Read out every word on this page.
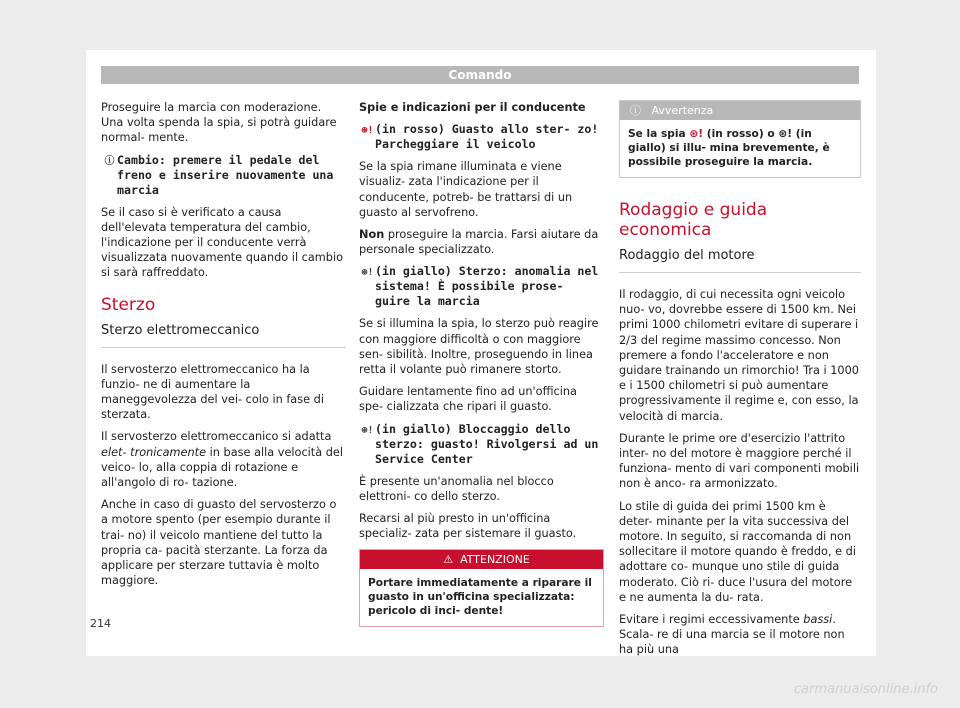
Comando

Proseguire la marcia con moderazione. Una volta spenda la spia, si potrà guidare normal- mente.

ⓘ Cambio: premere il pedale del freno e inserire nuovamente una marcia

Se il caso si è verificato a causa dell'elevata temperatura del cambio, l'indicazione per il conducente verrà visualizzata nuovamente quando il cambio si sarà raffreddato.

Sterzo
Sterzo elettromeccanico

Il servosterzo elettromeccanico ha la funzio- ne di aumentare la maneggevolezza del vei- colo in fase di sterzata.

Il servosterzo elettromeccanico si adatta elet- tronicamente in base alla velocità del veico- lo, alla coppia di rotazione e all'angolo di ro- tazione.

Anche in caso di guasto del servosterzo o a motore spento (per esempio durante il trai- no) il veicolo mantiene del tutto la propria ca- pacità sterzante. La forza da applicare per sterzare tuttavia è molto maggiore.

Spie e indicazioni per il conducente

⊛! (in rosso) Guasto allo ster- zo! Parcheggiare il veicolo

Se la spia rimane illuminata e viene visualiz- zata l'indicazione per il conducente, potreb- be trattarsi di un guasto al servofreno.

Non proseguire la marcia. Farsi aiutare da personale specializzato.

⊛! (in giallo) Sterzo: anomalia nel sistema! È possibile prose- guire la marcia

Se si illumina la spia, lo sterzo può reagire con maggiore difficoltà o con maggiore sen- sibilità. Inoltre, proseguendo in linea retta il volante può rimanere storto.

Guidare lentamente fino ad un'officina spe- cializzata che ripari il guasto.

⊛! (in giallo) Bloccaggio dello sterzo: guasto! Rivolgersi ad un Service Center

È presente un'anomalia nel blocco elettroni- co dello sterzo.

Recarsi al più presto in un'officina specializ- zata per sistemare il guasto.

⚠ ATTENZIONE
Portare immediatamente a riparare il guasto in un'officina specializzata: pericolo di inci- dente!
ⓘ Avvertenza
Se la spia ⊛! (in rosso) o ⊛! (in giallo) si illu- mina brevemente, è possibile proseguire la marcia.
Rodaggio e guida economica
Rodaggio del motore

Il rodaggio, di cui necessita ogni veicolo nuo- vo, dovrebbe essere di 1500 km. Nei primi 1000 chilometri evitare di superare i 2/3 del regime massimo concesso. Non premere a fondo l'acceleratore e non guidare trainando un rimorchio! Tra i 1000 e i 1500 chilometri si può aumentare progressivamente il regime e, con esso, la velocità di marcia.

Durante le prime ore d'esercizio l'attrito inter- no del motore è maggiore perché il funziona- mento di vari componenti mobili non è anco- ra armonizzato.

Lo stile di guida dei primi 1500 km è deter- minante per la vita successiva del motore. In seguito, si raccomanda di non sollecitare il motore quando è freddo, e di adottare co- munque uno stile di guida moderato. Ciò ri- duce l'usura del motore e ne aumenta la du- rata.

Evitare i regimi eccessivamente bassi. Scala- re di una marcia se il motore non ha più una

214
carmanualsonline.info
